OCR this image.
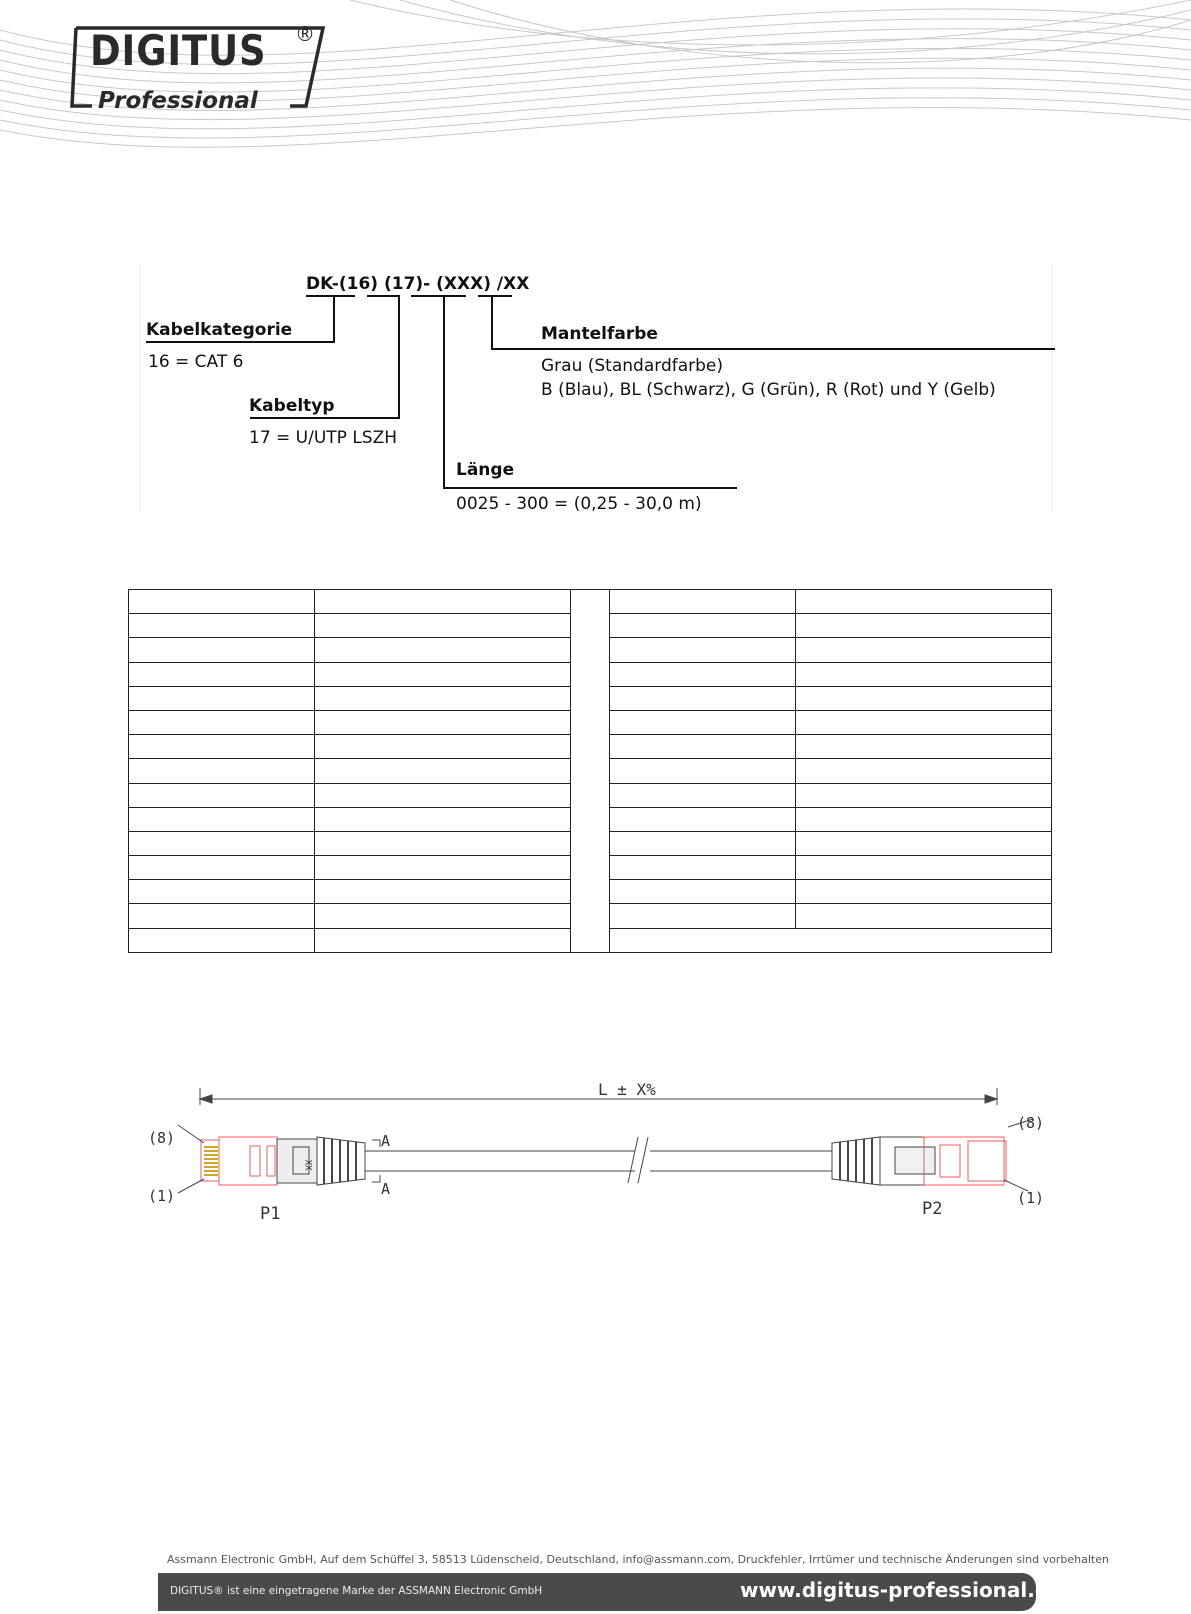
DIGITUS ®
Professional
DK-(16) (17)- (XXX) /XX
Kabelkategorie
16 = CAT 6
Kabeltyp
17 = U/UTP LSZH
Länge
0025 - 300 = (0,25 - 30,0 m)
Mantelfarbe
Grau (Standardfarbe)
B (Blau), BL (Schwarz), G (Grün), R (Rot) und Y (Gelb)

L ± X%
(8)
(1)
(8)
(1)
P1	P2
A
A
XX
Assmann Electronic GmbH, Auf dem Schüffel 3, 58513 Lüdenscheid, Deutschland, info@assmann.com, Druckfehler, Irrtümer und technische Änderungen sind vorbehalten
DIGITUS® ist eine eingetragene Marke der ASSMANN Electronic GmbH	www.digitus-professional.com
